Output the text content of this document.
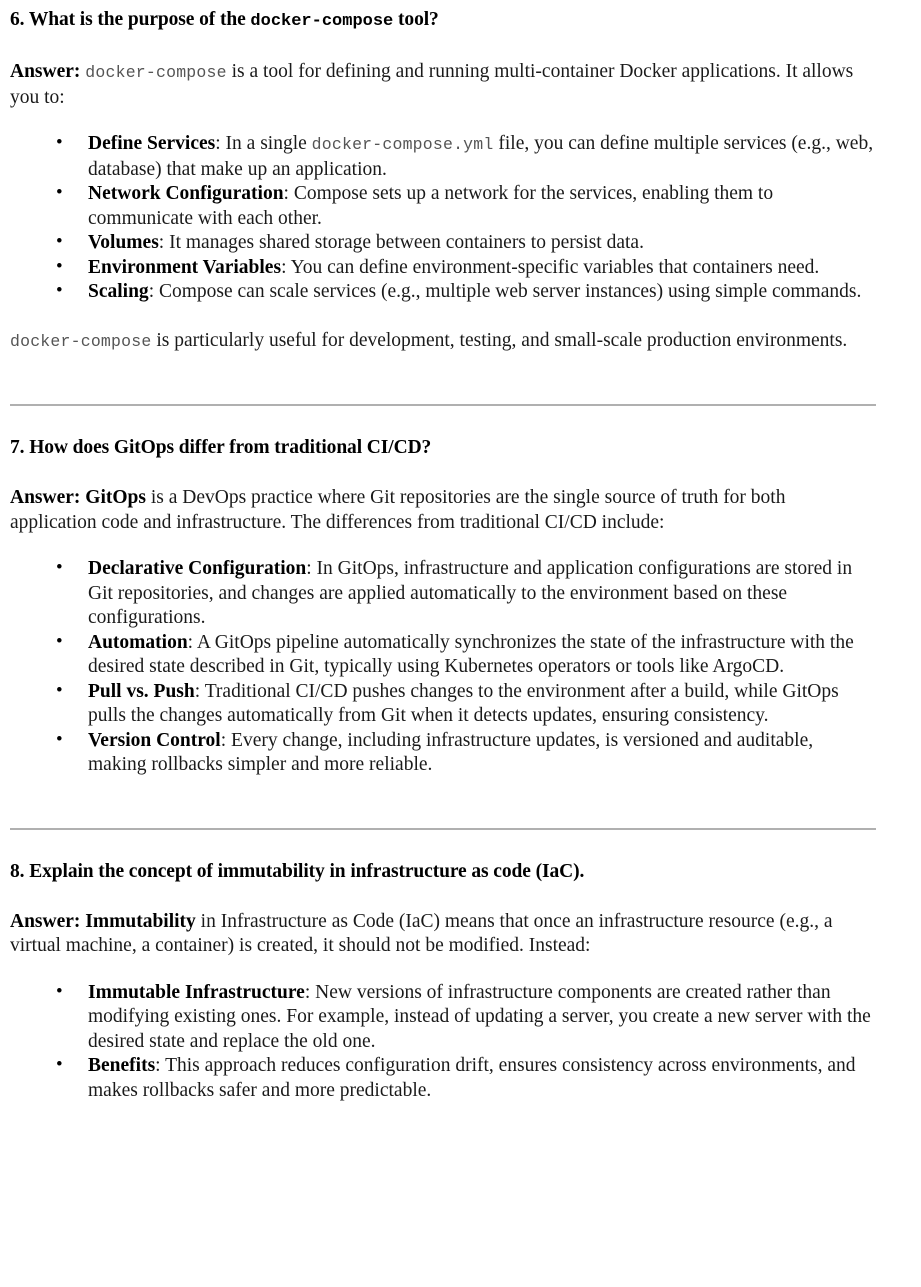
6. What is the purpose of the docker-compose tool?

Answer: docker-compose is a tool for defining and running multi-container Docker applications. It allows you to:

• Define Services: In a single docker-compose.yml file, you can define multiple services (e.g., web, database) that make up an application.
• Network Configuration: Compose sets up a network for the services, enabling them to communicate with each other.
• Volumes: It manages shared storage between containers to persist data.
• Environment Variables: You can define environment-specific variables that containers need.
• Scaling: Compose can scale services (e.g., multiple web server instances) using simple commands.

docker-compose is particularly useful for development, testing, and small-scale production environments.

7. How does GitOps differ from traditional CI/CD?

Answer: GitOps is a DevOps practice where Git repositories are the single source of truth for both application code and infrastructure. The differences from traditional CI/CD include:

• Declarative Configuration: In GitOps, infrastructure and application configurations are stored in Git repositories, and changes are applied automatically to the environment based on these configurations.
• Automation: A GitOps pipeline automatically synchronizes the state of the infrastructure with the desired state described in Git, typically using Kubernetes operators or tools like ArgoCD.
• Pull vs. Push: Traditional CI/CD pushes changes to the environment after a build, while GitOps pulls the changes automatically from Git when it detects updates, ensuring consistency.
• Version Control: Every change, including infrastructure updates, is versioned and auditable, making rollbacks simpler and more reliable.
8. Explain the concept of immutability in infrastructure as code (IaC).

Answer: Immutability in Infrastructure as Code (IaC) means that once an infrastructure resource (e.g., a virtual machine, a container) is created, it should not be modified. Instead:

• Immutable Infrastructure: New versions of infrastructure components are created rather than modifying existing ones. For example, instead of updating a server, you create a new server with the desired state and replace the old one.
• Benefits: This approach reduces configuration drift, ensures consistency across environments, and makes rollbacks safer and more predictable.
